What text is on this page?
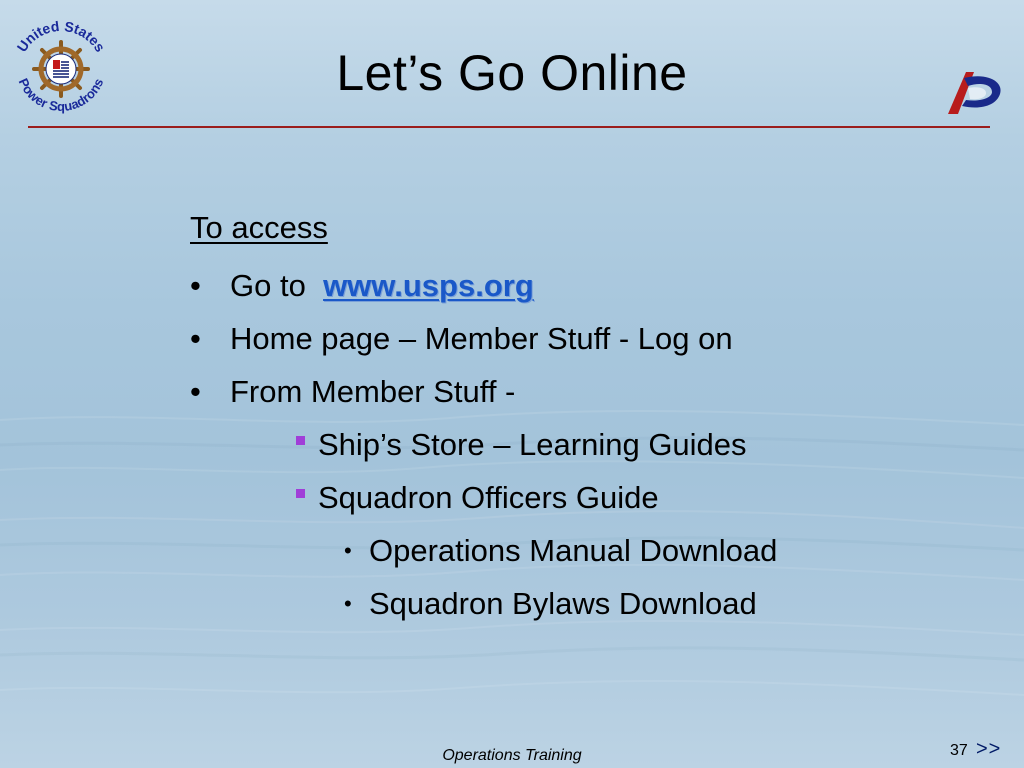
United States
Power Squadrons	Let’s Go Online
To access
• Go to www.usps.org
• Home page – Member Stuff - Log on
• From Member Stuff -
Ship’s Store – Learning Guides
Squadron Officers Guide
• Operations Manual Download
• Squadron Bylaws Download
Operations Training	37 >>
